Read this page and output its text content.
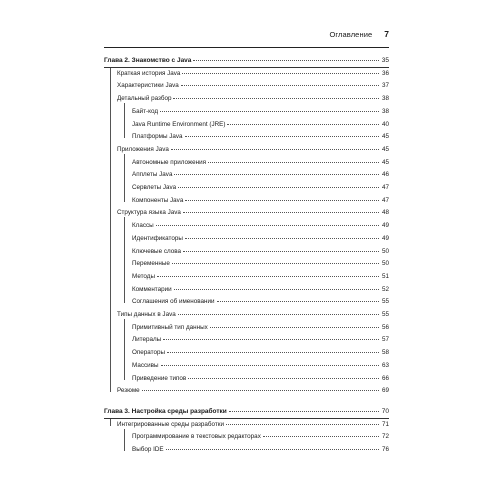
Оглавление 7
Глава 2. Знакомство с Java	35
Краткая история Java	36
Характеристики Java	37
Детальный разбор	38
Байт-код	38
Java Runtime Environment (JRE)	40
Платформы Java	45
Приложения Java	45
Автономные приложения	45
Апплеты Java	46
Сервлеты Java	47
Компоненты Java	47
Структура языка Java	48
Классы	49
Идентификаторы	49
Ключевые слова	50
Переменные	50
Методы	51
Комментарии	52
Соглашения об именовании	55
Типы данных в Java	55
Примитивный тип данных	56
Литералы	57
Операторы	58
Массивы	63
Приведение типов	66
Резюме	69
Глава 3. Настройка среды разработки	70
Интегрированные среды разработки	71
Программирование в текстовых редакторах	72
Выбор IDE	76
